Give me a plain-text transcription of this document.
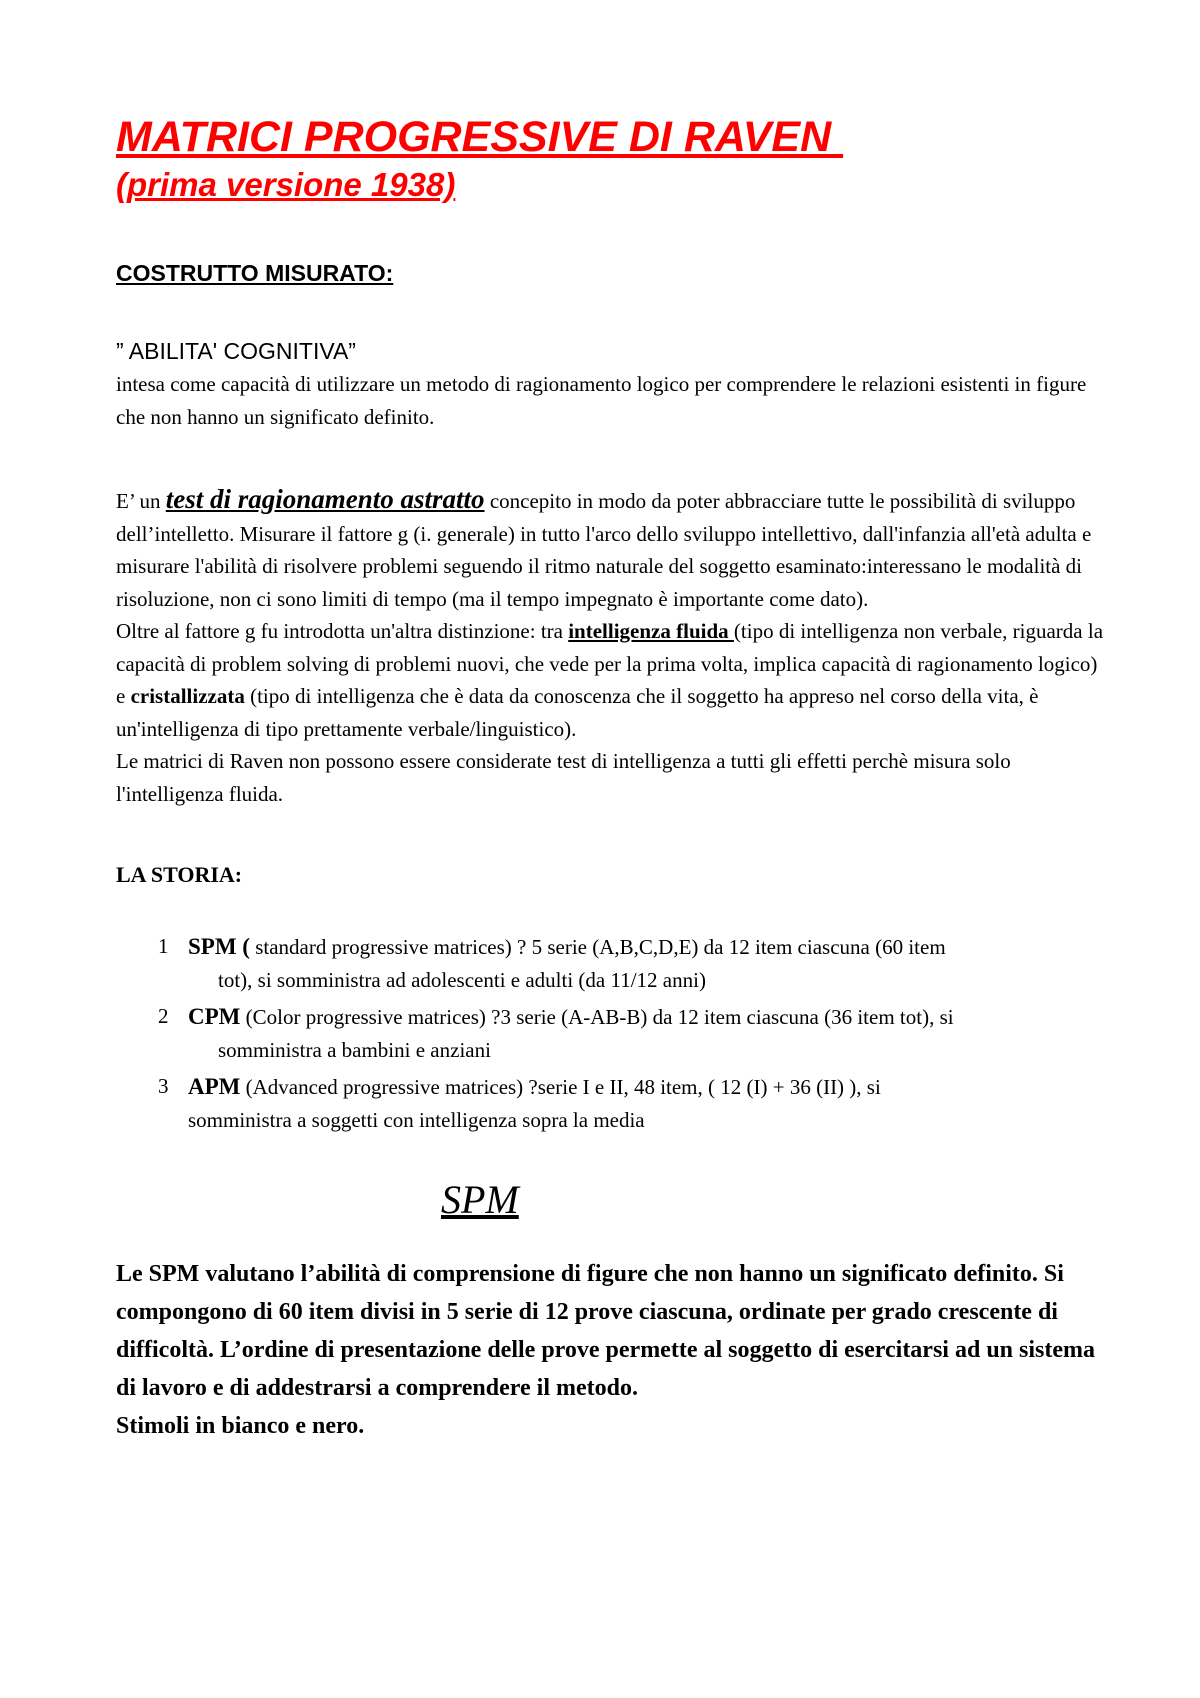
MATRICI PROGRESSIVE DI RAVEN
(prima versione 1938)
COSTRUTTO MISURATO:
” ABILITA' COGNITIVA”

intesa come capacità di utilizzare un metodo di ragionamento logico per comprendere le relazioni esistenti in figure che non hanno un significato definito.

E’ un test di ragionamento astratto concepito in modo da poter abbracciare tutte le possibilità di sviluppo dell’intelletto. Misurare il fattore g (i. generale) in tutto l'arco dello sviluppo intellettivo, dall'infanzia all'età adulta e misurare l'abilità di risolvere problemi seguendo il ritmo naturale del soggetto esaminato:interessano le modalità di risoluzione, non ci sono limiti di tempo (ma il tempo impegnato è importante come dato).

Oltre al fattore g fu introdotta un'altra distinzione: tra intelligenza fluida (tipo di intelligenza non verbale, riguarda la capacità di problem solving di problemi nuovi, che vede per la prima volta, implica capacità di ragionamento logico) e cristallizzata (tipo di intelligenza che è data da conoscenza che il soggetto ha appreso nel corso della vita, è un'intelligenza di tipo prettamente verbale/linguistico).

Le matrici di Raven non possono essere considerate test di intelligenza a tutti gli effetti perchè misura solo l'intelligenza fluida.

LA STORIA:
1 SPM ( standard progressive matrices) ? 5 serie (A,B,C,D,E) da 12 item ciascuna (60 item
tot), si somministra ad adolescenti e adulti (da 11/12 anni)
2 CPM (Color progressive matrices) ?3 serie (A-AB-B) da 12 item ciascuna (36 item tot), si
somministra a bambini e anziani
3 APM (Advanced progressive matrices) ?serie I e II, 48 item, ( 12 (I) + 36 (II) ), si
somministra a soggetti con intelligenza sopra la media
SPM

Le SPM valutano l’abilità di comprensione di figure che non hanno un significato definito. Si compongono di 60 item divisi in 5 serie di 12 prove ciascuna, ordinate per grado crescente di difficoltà. L’ordine di presentazione delle prove permette al soggetto di esercitarsi ad un sistema di lavoro e di addestrarsi a comprendere il metodo.
Stimoli in bianco e nero.
